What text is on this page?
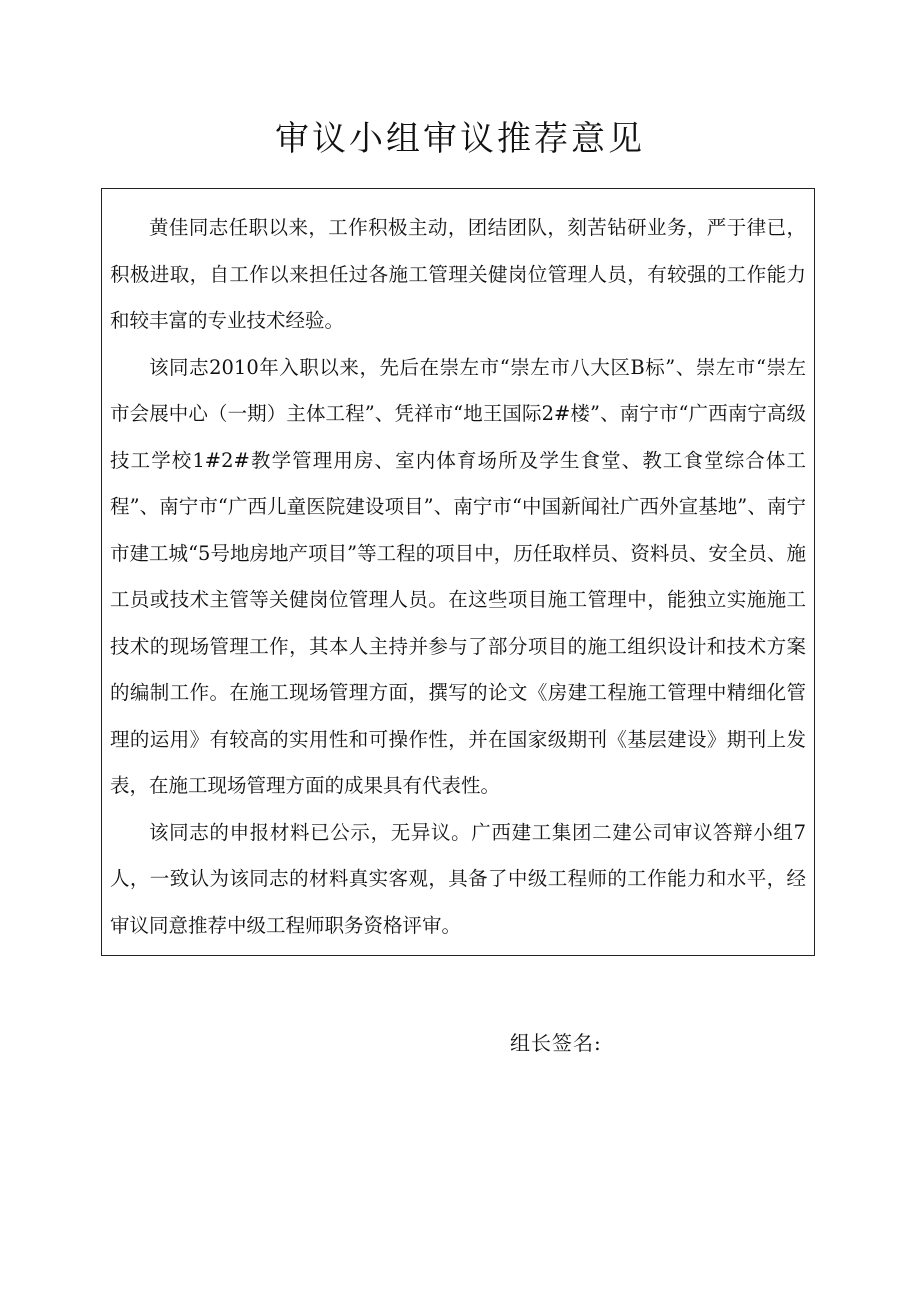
审议小组审议推荐意见

黄佳同志任职以来，工作积极主动，团结团队，刻苦钻研业务，严于律已，积极进取，自工作以来担任过各施工管理关健岗位管理人员，有较强的工作能力和较丰富的专业技术经验。

该同志2010年入职以来，先后在崇左市“崇左市八大区B标”、崇左市“崇左市会展中心（一期）主体工程”、凭祥市“地王国际2#楼”、南宁市“广西南宁高级技工学校1#2#教学管理用房、室内体育场所及学生食堂、教工食堂综合体工程”、南宁市“广西儿童医院建设项目”、南宁市“中国新闻社广西外宣基地”、南宁市建工城“5号地房地产项目”等工程的项目中，历任取样员、资料员、安全员、施工员或技术主管等关健岗位管理人员。在这些项目施工管理中，能独立实施施工技术的现场管理工作，其本人主持并参与了部分项目的施工组织设计和技术方案的编制工作。在施工现场管理方面，撰写的论文《房建工程施工管理中精细化管理的运用》有较高的实用性和可操作性，并在国家级期刊《基层建设》期刊上发表，在施工现场管理方面的成果具有代表性。

该同志的申报材料已公示，无异议。广西建工集团二建公司审议答辩小组7人，一致认为该同志的材料真实客观，具备了中级工程师的工作能力和水平，经审议同意推荐中级工程师职务资格评审。

组长签名:
